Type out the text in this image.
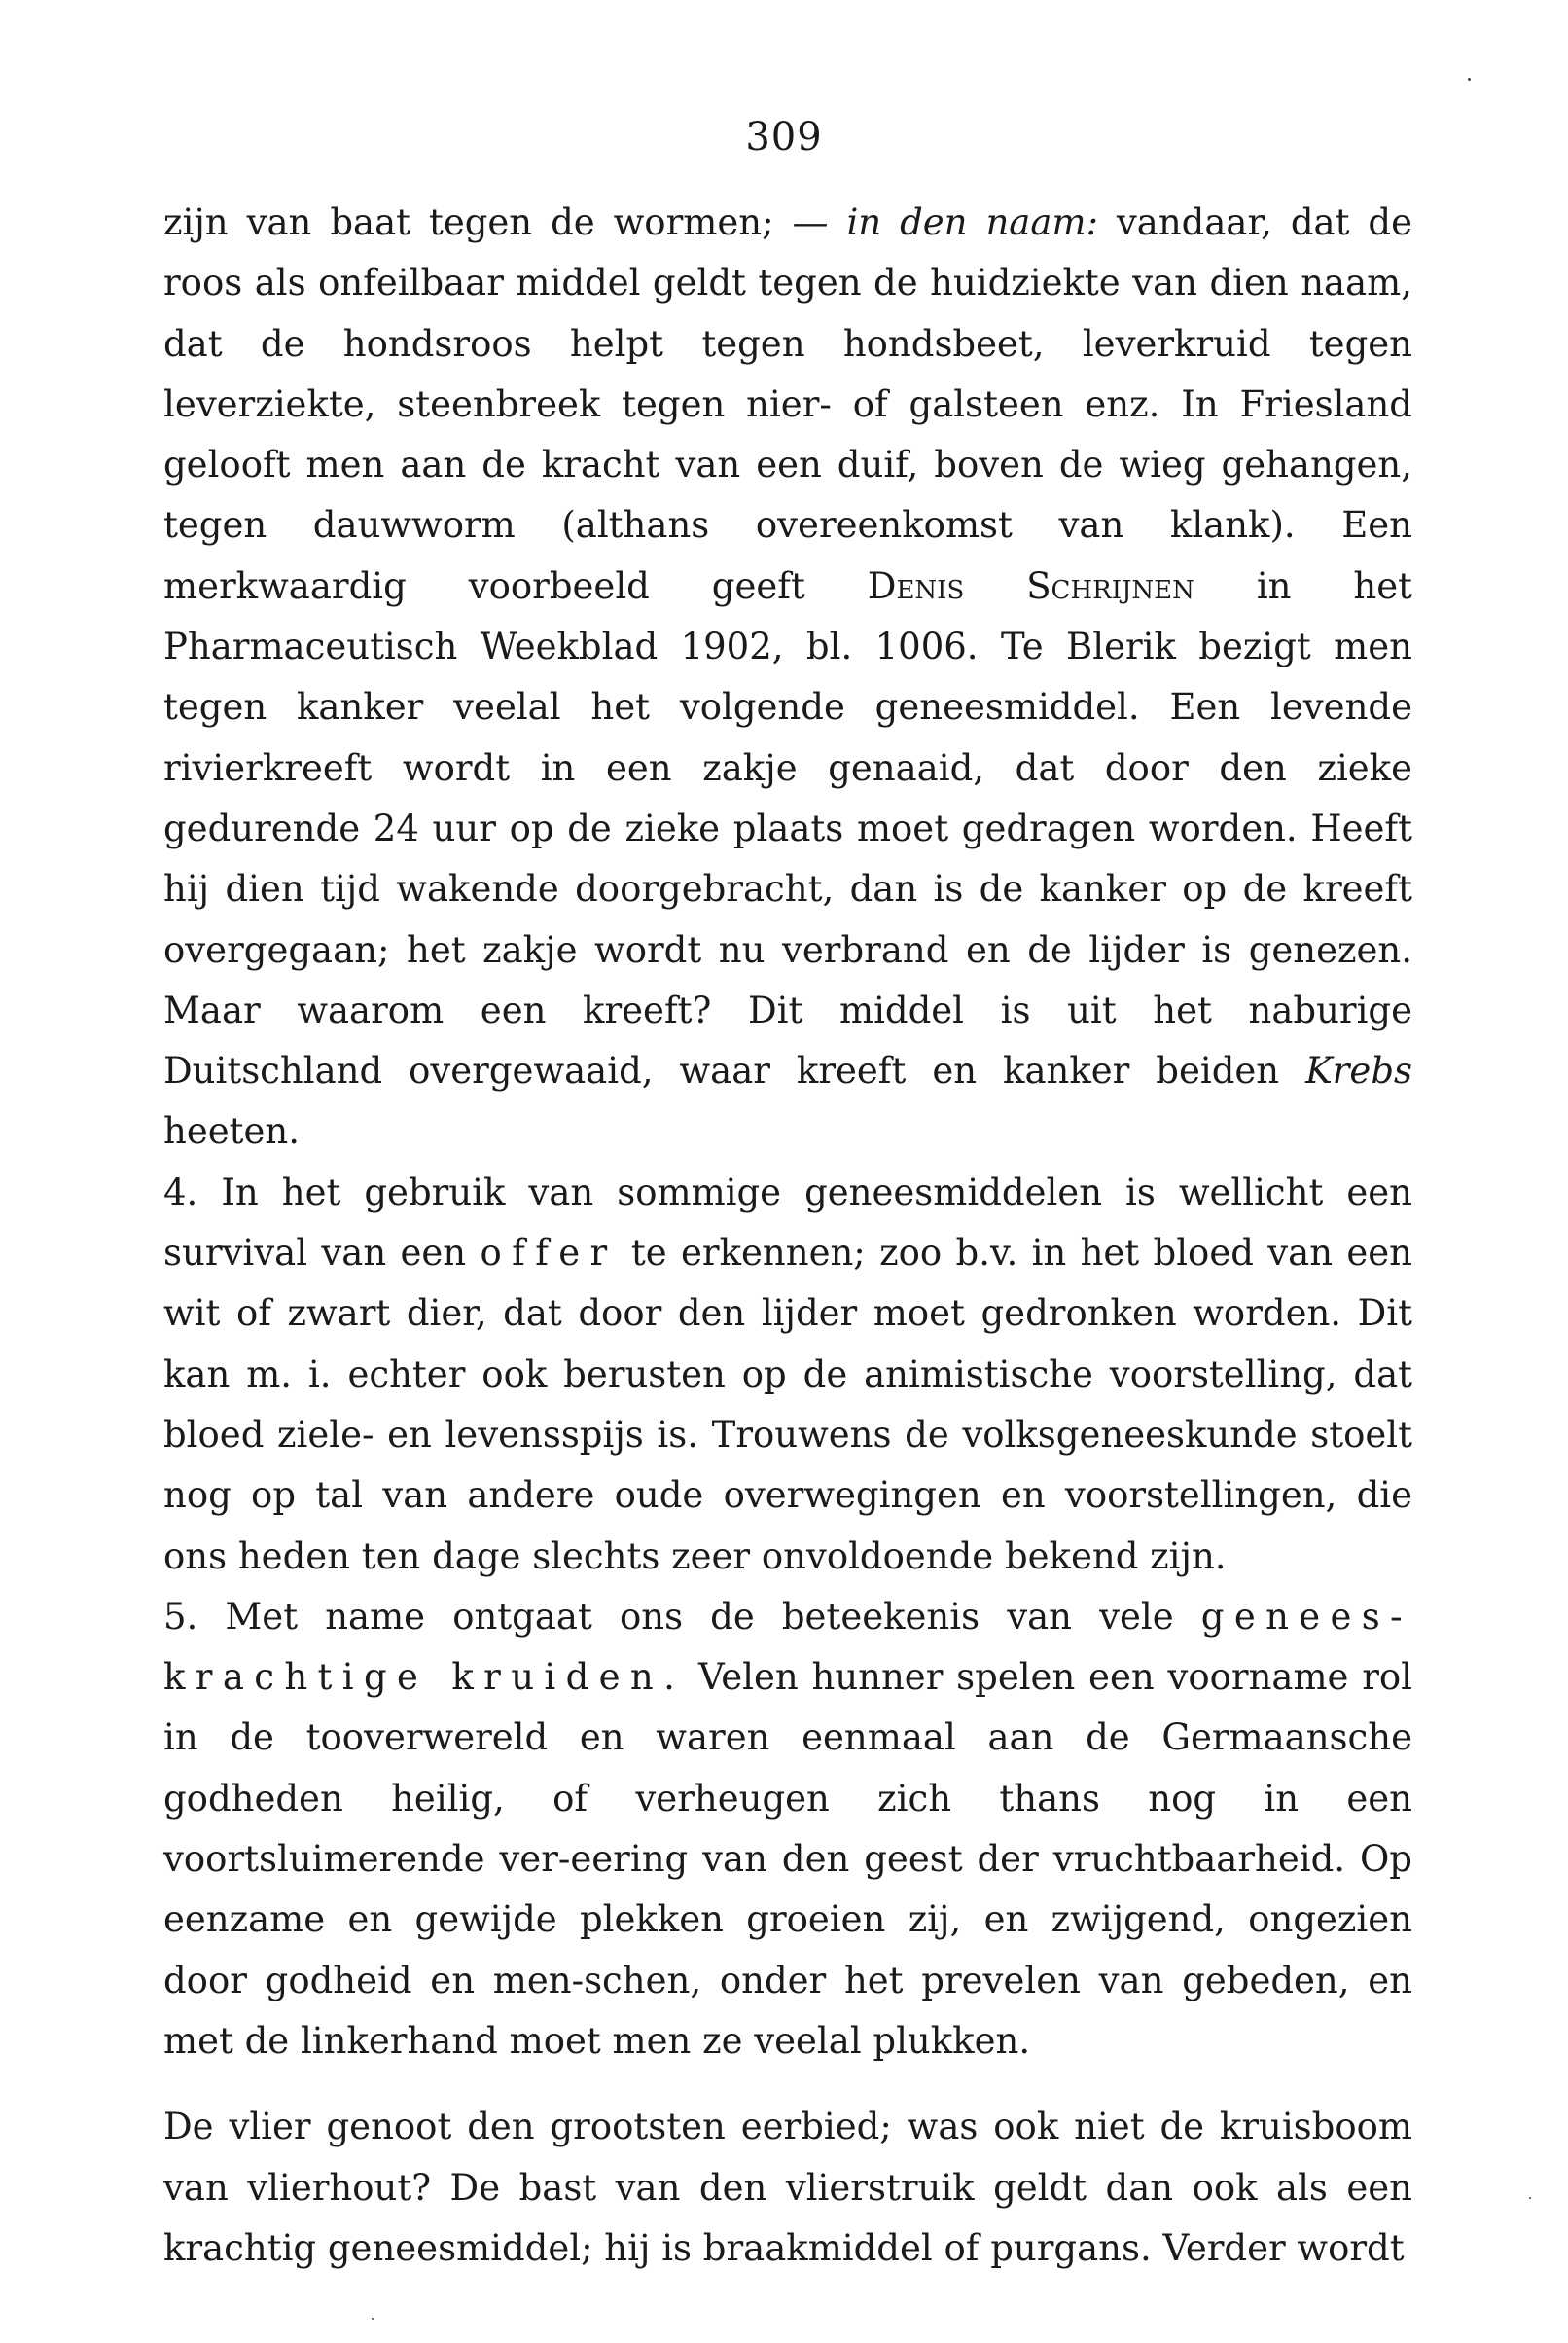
309

zijn van baat tegen de wormen; — in den naam: vandaar, dat de roos als onfeilbaar middel geldt tegen de huidziekte van dien naam, dat de hondsroos helpt tegen hondsbeet, leverkruid tegen leverziekte, steenbreek tegen nier- of galsteen enz. In Friesland gelooft men aan de kracht van een duif, boven de wieg gehangen, tegen dauwworm (althans overeenkomst van klank). Een merkwaardig voorbeeld geeft Denis Schrijnen in het Pharmaceutisch Weekblad 1902, bl. 1006. Te Blerik bezigt men tegen kanker veelal het volgende geneesmiddel. Een levende rivierkreeft wordt in een zakje genaaid, dat door den zieke gedurende 24 uur op de zieke plaats moet gedragen worden. Heeft hij dien tijd wakende doorgebracht, dan is de kanker op de kreeft overgegaan; het zakje wordt nu verbrand en de lijder is genezen. Maar waarom een kreeft? Dit middel is uit het naburige Duitschland overgewaaid, waar kreeft en kanker beiden Krebs heeten.

4. In het gebruik van sommige geneesmiddelen is wellicht een survival van een offer te erkennen; zoo b.v. in het bloed van een wit of zwart dier, dat door den lijder moet gedronken worden. Dit kan m. i. echter ook berusten op de animistische voorstelling, dat bloed ziele- en levensspijs is. Trouwens de volksgeneeskunde stoelt nog op tal van andere oude overwegingen en voorstellingen, die ons heden ten dage slechts zeer onvoldoende bekend zijn.

5. Met name ontgaat ons de beteekenis van vele genees-krachtige kruiden. Velen hunner spelen een voorname rol in de tooverwereld en waren eenmaal aan de Germaansche godheden heilig, of verheugen zich thans nog in een voortsluimerende ver-eering van den geest der vruchtbaarheid. Op eenzame en gewijde plekken groeien zij, en zwijgend, ongezien door godheid en men-schen, onder het prevelen van gebeden, en met de linkerhand moet men ze veelal plukken.

De vlier genoot den grootsten eerbied; was ook niet de kruisboom van vlierhout? De bast van den vlierstruik geldt dan ook als een krachtig geneesmiddel; hij is braakmiddel of purgans. Verder wordt
